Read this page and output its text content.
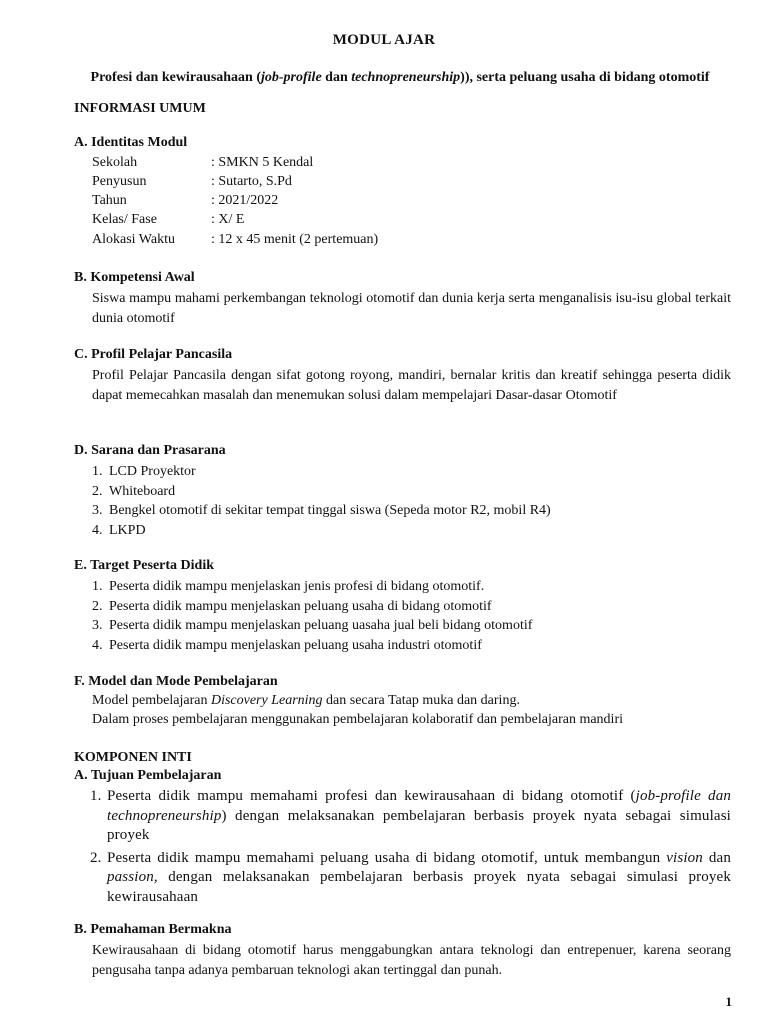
MODUL AJAR
Profesi dan kewirausahaan (job-profile dan technopreneurship)), serta peluang usaha di bidang otomotif
INFORMASI UMUM
A. Identitas Modul
Sekolah	: SMKN 5 Kendal
Penyusun	: Sutarto, S.Pd
Tahun	: 2021/2022
Kelas/ Fase	: X/ E
Alokasi Waktu	: 12 x 45 menit (2 pertemuan)
B. Kompetensi Awal
Siswa mampu mahami perkembangan teknologi otomotif dan dunia kerja serta menganalisis isu-isu global terkait dunia otomotif
C. Profil Pelajar Pancasila
Profil Pelajar Pancasila dengan sifat gotong royong, mandiri, bernalar kritis dan kreatif sehingga peserta didik dapat memecahkan masalah dan menemukan solusi dalam mempelajari Dasar-dasar Otomotif
D. Sarana dan Prasarana
1. LCD Proyektor
2. Whiteboard
3. Bengkel otomotif di sekitar tempat tinggal siswa (Sepeda motor R2, mobil R4)
4. LKPD
E. Target Peserta Didik
1. Peserta didik mampu menjelaskan jenis profesi di bidang otomotif.
2. Peserta didik mampu menjelaskan peluang usaha di bidang otomotif
3. Peserta didik mampu menjelaskan peluang uasaha jual beli bidang otomotif
4. Peserta didik mampu menjelaskan peluang usaha industri otomotif
F. Model dan Mode Pembelajaran
Model pembelajaran Discovery Learning dan secara Tatap muka dan daring.
Dalam proses pembelajaran menggunakan pembelajaran kolaboratif dan pembelajaran mandiri
KOMPONEN INTI
A. Tujuan Pembelajaran
1. Peserta didik mampu memahami profesi dan kewirausahaan di bidang otomotif (job-profile dan technopreneurship) dengan melaksanakan pembelajaran berbasis proyek nyata sebagai simulasi proyek
2. Peserta didik mampu memahami peluang usaha di bidang otomotif, untuk membangun vision dan passion, dengan melaksanakan pembelajaran berbasis proyek nyata sebagai simulasi proyek kewirausahaan
B. Pemahaman Bermakna
Kewirausahaan di bidang otomotif harus menggabungkan antara teknologi dan entrepenuer, karena seorang pengusaha tanpa adanya pembaruan teknologi akan tertinggal dan punah.
1
